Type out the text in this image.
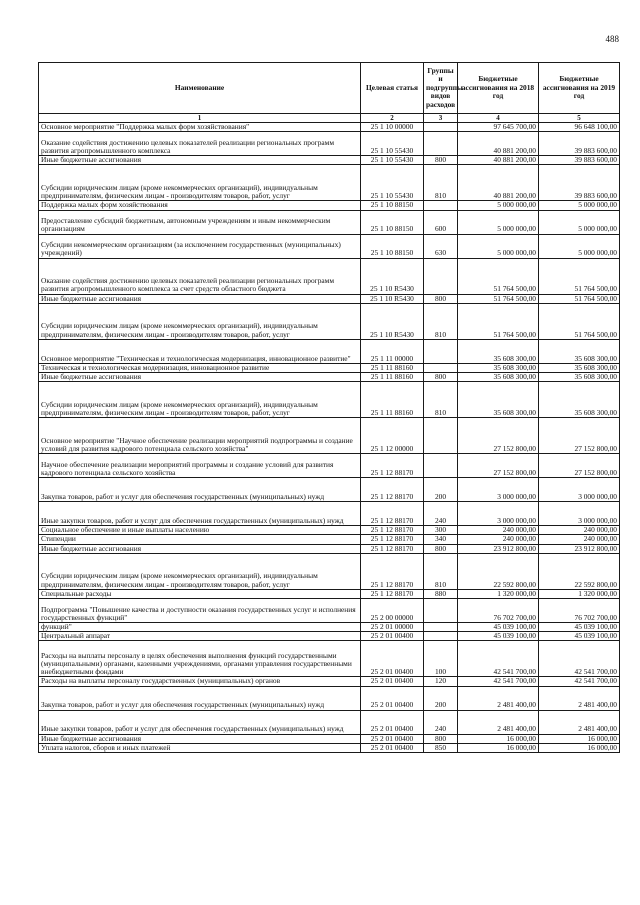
488
Наименование	Целевая статья	Группы и подгруппы видов расходов	Бюджетные ассигнования на 2018 год	Бюджетные ассигнования на 2019 год
1	2	3	4	5
Основное мероприятие "Поддержка малых форм хозяйствования"	25 1 10 00000		97 645 700,00	96 648 100,00
Оказание содействия достижению целевых показателей реализации региональных программ развития агропромышленного комплекса	25 1 10 55430		40 881 200,00	39 883 600,00
Иные бюджетные ассигнования	25 1 10 55430	800	40 881 200,00	39 883 600,00
Субсидии юридическим лицам (кроме некоммерческих организаций), индивидуальным предпринимателям, физическим лицам - производителям товаров, работ, услуг	25 1 10 55430	810	40 881 200,00	39 883 600,00
Поддержка малых форм хозяйствования	25 1 10 88150		5 000 000,00	5 000 000,00
Предоставление субсидий бюджетным, автономным учреждениям и иным некоммерческим организациям	25 1 10 88150	600	5 000 000,00	5 000 000,00
Субсидии некоммерческим организациям (за исключением государственных (муниципальных) учреждений)	25 1 10 88150	630	5 000 000,00	5 000 000,00
Оказание содействия достижению целевых показателей реализации региональных программ развития агропромышленного комплекса за счет средств областного бюджета	25 1 10 R5430		51 764 500,00	51 764 500,00
Иные бюджетные ассигнования	25 1 10 R5430	800	51 764 500,00	51 764 500,00
Субсидии юридическим лицам (кроме некоммерческих организаций), индивидуальным предпринимателям, физическим лицам - производителям товаров, работ, услуг	25 1 10 R5430	810	51 764 500,00	51 764 500,00
Основное мероприятие "Техническая и технологическая модернизация, инновационное развитие"	25 1 11 00000		35 608 300,00	35 608 300,00
Техническая и технологическая модернизация, инновационное развитие	25 1 11 88160		35 608 300,00	35 608 300,00
Иные бюджетные ассигнования	25 1 11 88160	800	35 608 300,00	35 608 300,00
Субсидии юридическим лицам (кроме некоммерческих организаций), индивидуальным предпринимателям, физическим лицам - производителям товаров, работ, услуг	25 1 11 88160	810	35 608 300,00	35 608 300,00
Основное мероприятие "Научное обеспечение реализации мероприятий подпрограммы и создание условий для развития кадрового потенциала сельского хозяйства"	25 1 12 00000		27 152 800,00	27 152 800,00
Научное обеспечение реализации мероприятий программы и создание условий для развития кадрового потенциала сельского хозяйства	25 1 12 88170		27 152 800,00	27 152 800,00
Закупка товаров, работ и услуг для обеспечения государственных (муниципальных) нужд	25 1 12 88170	200	3 000 000,00	3 000 000,00
Иные закупки товаров, работ и услуг для обеспечения государственных (муниципальных) нужд	25 1 12 88170	240	3 000 000,00	3 000 000,00
Социальное обеспечение и иные выплаты населению	25 1 12 88170	300	240 000,00	240 000,00
Стипендии	25 1 12 88170	340	240 000,00	240 000,00
Иные бюджетные ассигнования	25 1 12 88170	800	23 912 800,00	23 912 800,00
Субсидии юридическим лицам (кроме некоммерческих организаций), индивидуальным предпринимателям, физическим лицам - производителям товаров, работ, услуг	25 1 12 88170	810	22 592 800,00	22 592 800,00
Специальные расходы	25 1 12 88170	880	1 320 000,00	1 320 000,00
Подпрограмма "Повышение качества и доступности оказания государственных услуг и исполнения государственных функций"	25 2 00 00000		76 702 700,00	76 702 700,00
функций"	25 2 01 00000		45 039 100,00	45 039 100,00
Центральный аппарат	25 2 01 00400		45 039 100,00	45 039 100,00
Расходы на выплаты персоналу в целях обеспечения выполнения функций государственными (муниципальными) органами, казенными учреждениями, органами управления государственными внебюджетными фондами	25 2 01 00400	100	42 541 700,00	42 541 700,00
Расходы на выплаты персоналу государственных (муниципальных) органов	25 2 01 00400	120	42 541 700,00	42 541 700,00
Закупка товаров, работ и услуг для обеспечения государственных (муниципальных) нужд	25 2 01 00400	200	2 481 400,00	2 481 400,00
Иные закупки товаров, работ и услуг для обеспечения государственных (муниципальных) нужд	25 2 01 00400	240	2 481 400,00	2 481 400,00
Иные бюджетные ассигнования	25 2 01 00400	800	16 000,00	16 000,00
Уплата налогов, сборов и иных платежей	25 2 01 00400	850	16 000,00	16 000,00
